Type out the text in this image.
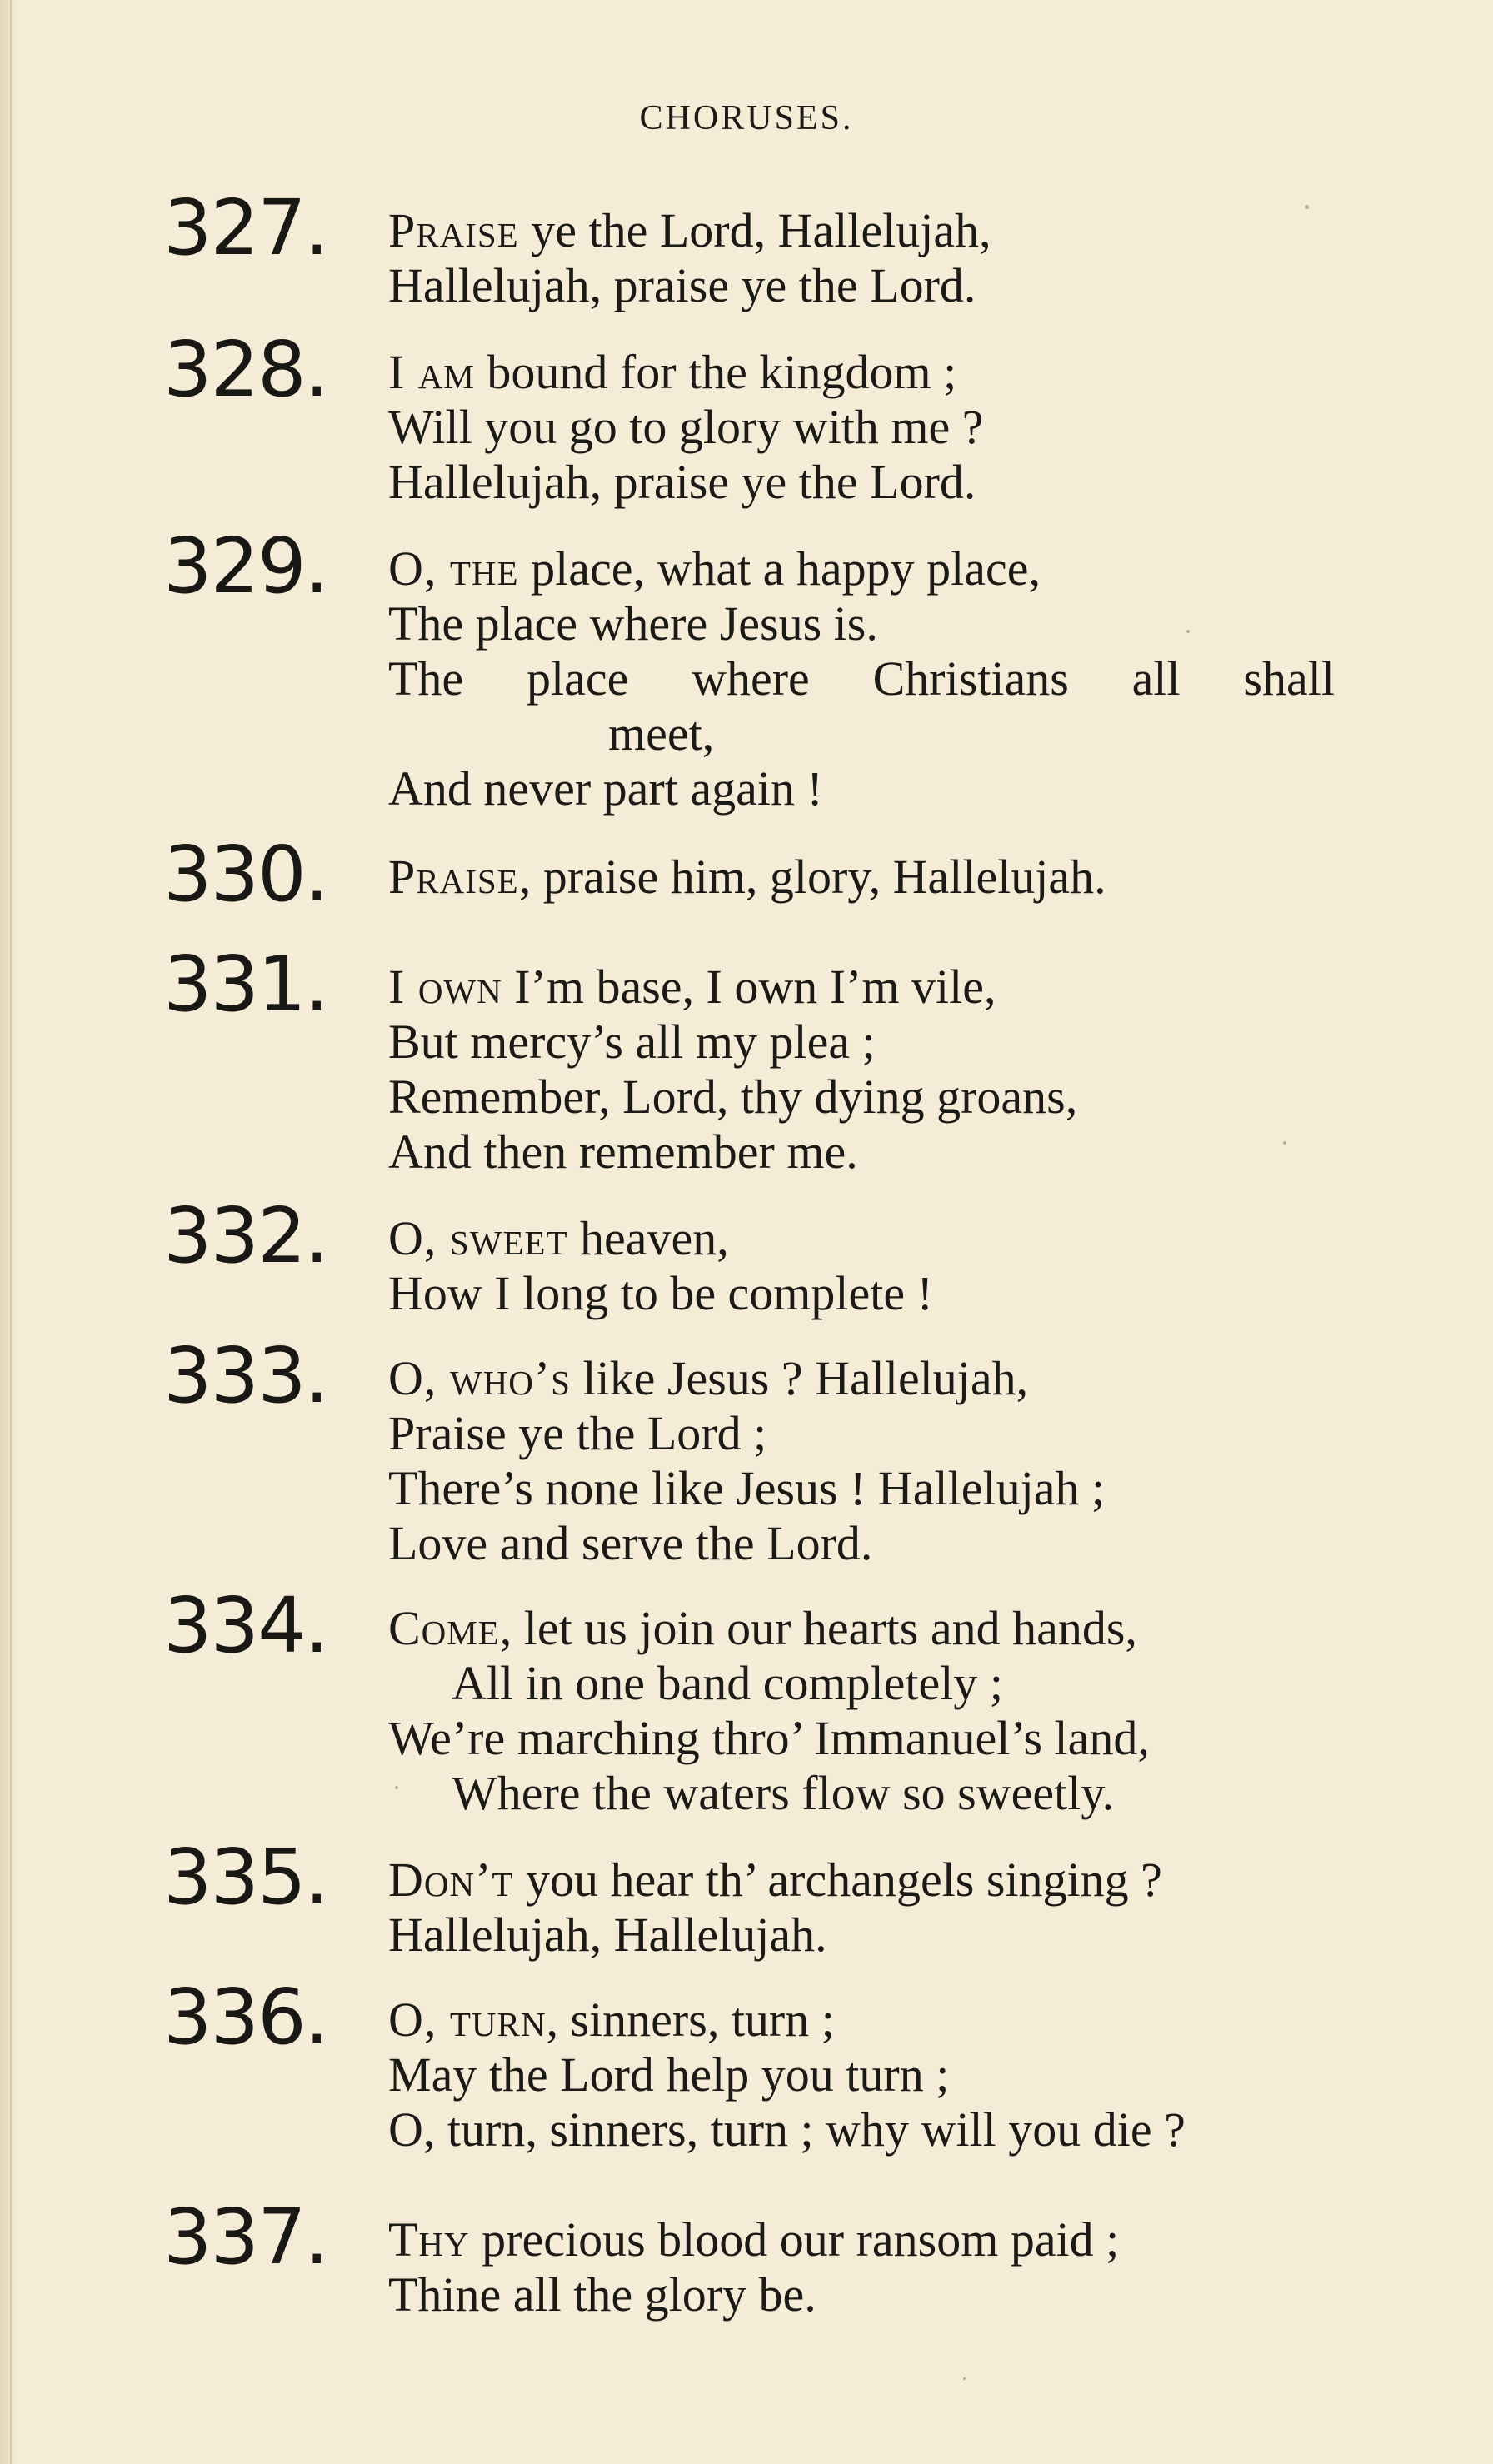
CHORUSES.
327.	Praise ye the Lord, Hallelujah,
Hallelujah, praise ye the Lord.
328.	I am bound for the kingdom ;
Will you go to glory with me ?
Hallelujah, praise ye the Lord.
329.	O, the place, what a happy place,
The place where Jesus is.
The place where Christians all shall
meet,
And never part again !
330.	Praise, praise him, glory, Hallelujah.
331.	I own I’m base, I own I’m vile,
But mercy’s all my plea ;
Remember, Lord, thy dying groans,
And then remember me.
332.	O, sweet heaven,
How I long to be complete !
333.	O, who’s like Jesus ? Hallelujah,
Praise ye the Lord ;
There’s none like Jesus ! Hallelujah ;
Love and serve the Lord.
334.	Come, let us join our hearts and hands,
All in one band completely ;
We’re marching thro’ Immanuel’s land,
Where the waters flow so sweetly.
335.	Don’t you hear th’ archangels singing ?
Hallelujah, Hallelujah.
336.	O, turn, sinners, turn ;
May the Lord help you turn ;
O, turn, sinners, turn ; why will you die ?
337.	Thy precious blood our ransom paid ;
Thine all the glory be.
